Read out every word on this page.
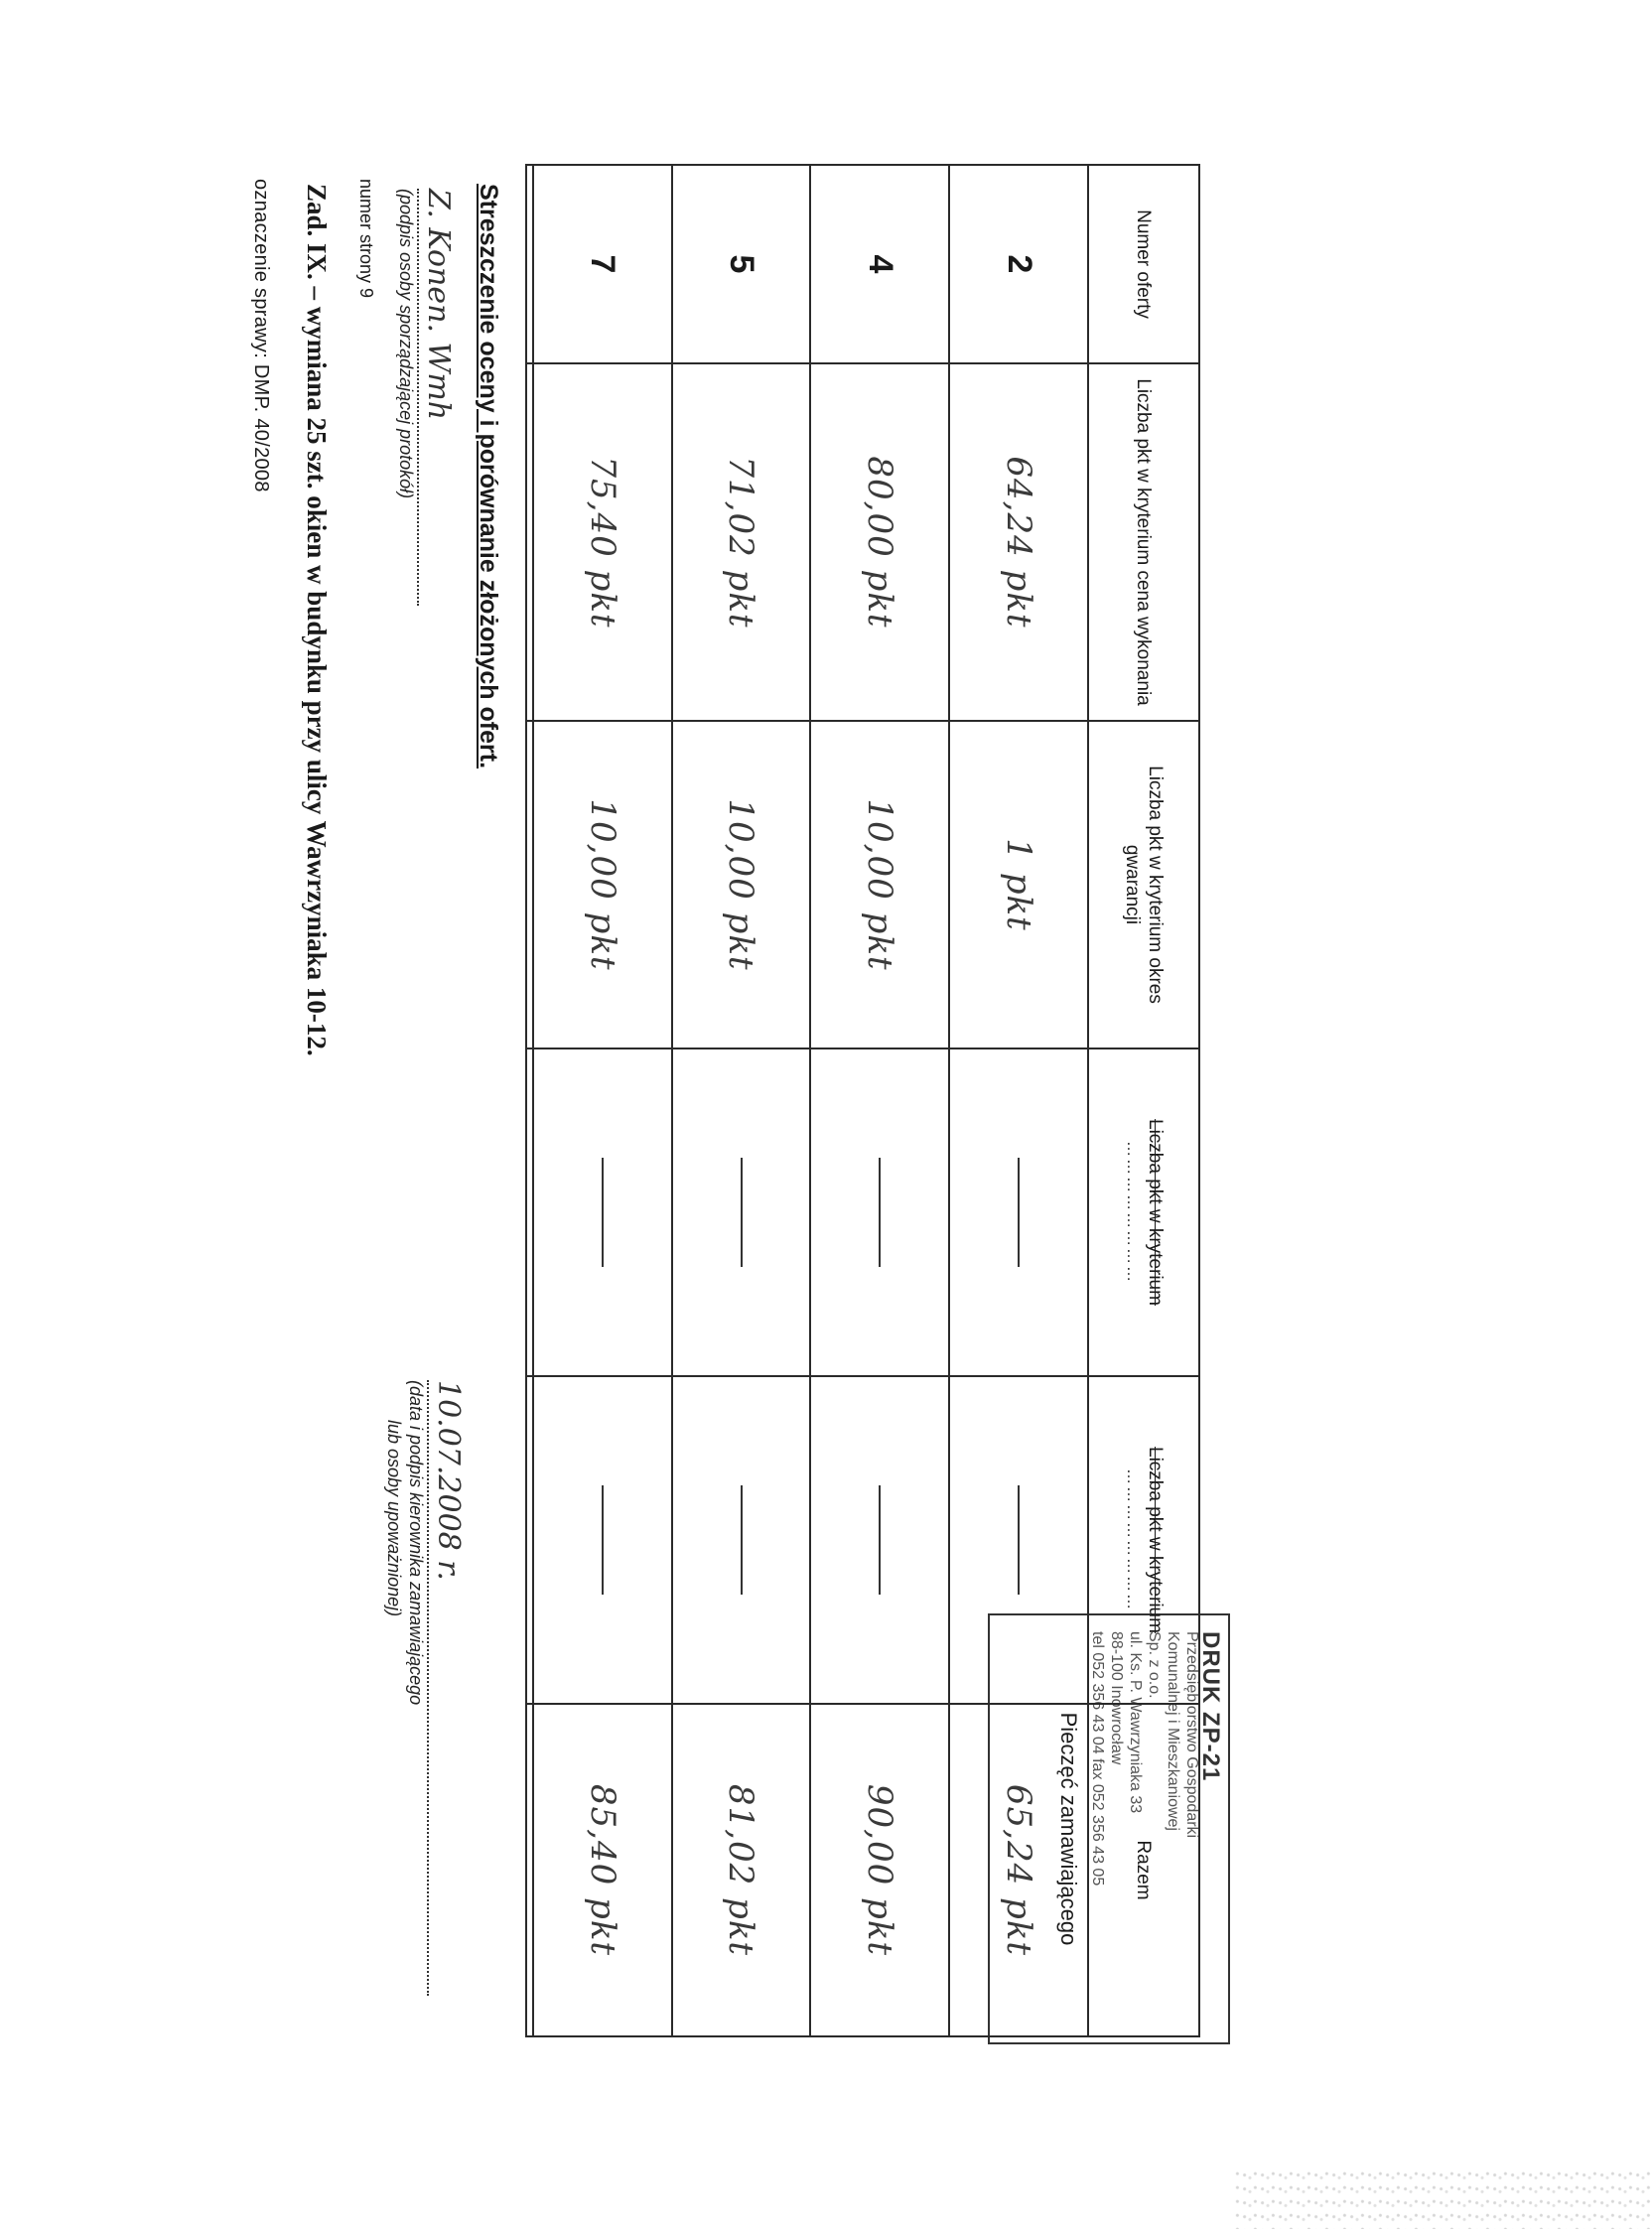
oznaczenie sprawy: DMP. 40/2008 Zad. IX. – wymiana 25 szt. okien w budynku przy ulicy Wawrzyniaka 10-12.	Streszczenie oceny i porównanie złożonych ofert.
DRUK ZP-21
Przedsiębiorstwo Gospodarki
Komunalnej i Mieszkaniowej
Sp. z o.o.
ul. Ks. P. Wawrzyniaka 33
88-100 Inowrocław
tel 052 356 43 04 fax 052 356 43 05
Pieczęć zamawiającego
Numer oferty	Liczba pkt w kryterium cena wykonania	Liczba pkt w kryterium okres gwarancji	Liczba pkt w kryterium
……………………	Liczba pkt w kryterium
……………………	Razem
2	64,24 pkt	1 pkt			65,24 pkt
4	80,00 pkt	10,00 pkt			90,00 pkt
5	71,02 pkt	10,00 pkt			81,02 pkt
7	75,40 pkt	10,00 pkt			85,40 pkt

Z. Konen. Wmh
(podpis osoby sporządzającej protokół)
10.07.2008 r.
(data i podpis kierownika zamawiającego
lub osoby upoważnionej)
numer strony 9
